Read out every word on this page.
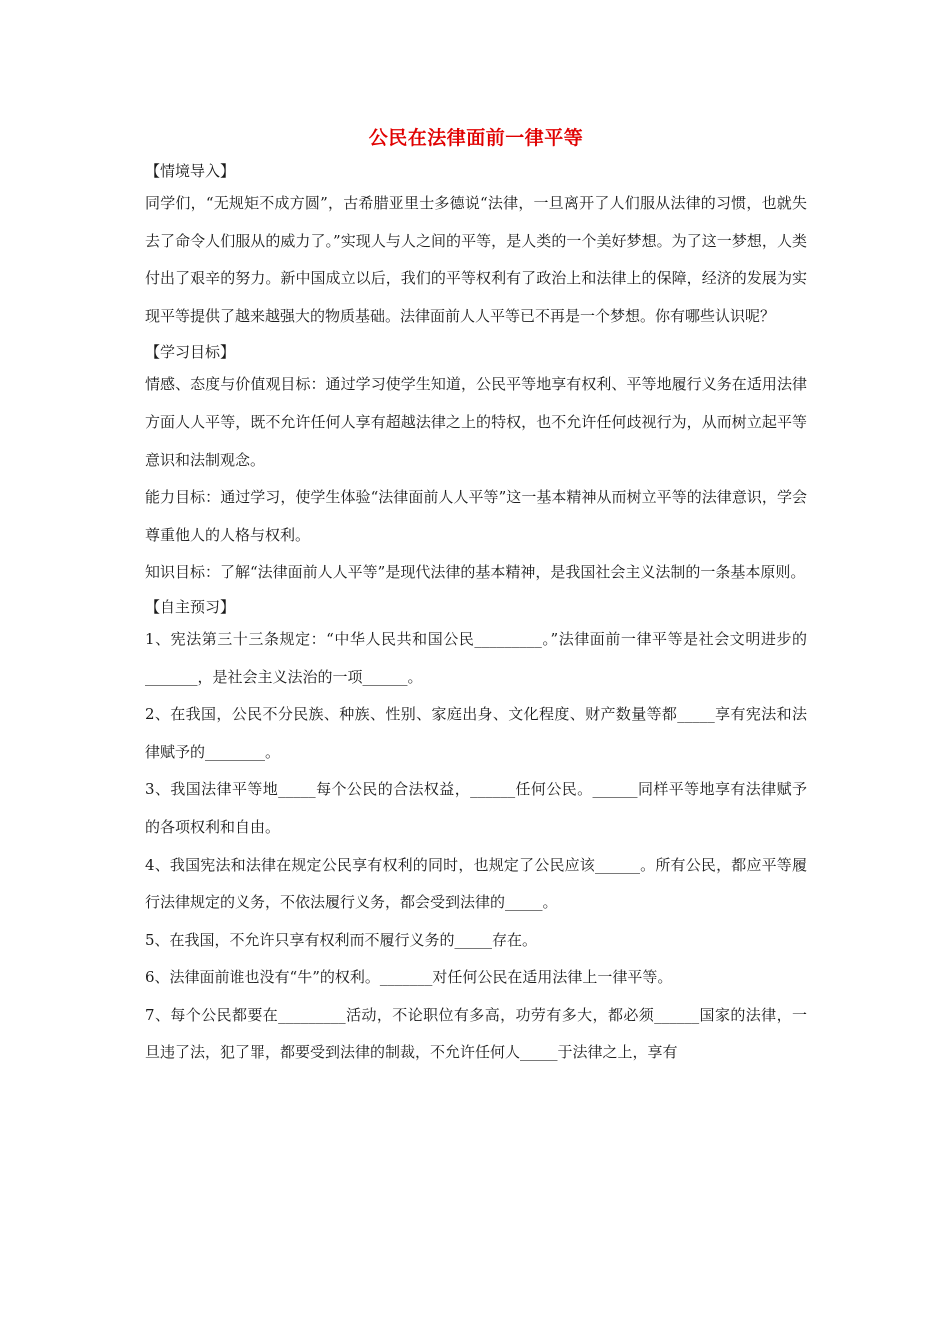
公民在法律面前一律平等

【情境导入】

同学们，“无规矩不成方圆”，古希腊亚里士多德说“法律，一旦离开了人们服从法律的习惯，也就失去了命令人们服从的威力了。”实现人与人之间的平等，是人类的一个美好梦想。为了这一梦想，人类付出了艰辛的努力。新中国成立以后，我们的平等权利有了政治上和法律上的保障，经济的发展为实现平等提供了越来越强大的物质基础。法律面前人人平等已不再是一个梦想。你有哪些认识呢？

【学习目标】

情感、态度与价值观目标：通过学习使学生知道，公民平等地享有权利、平等地履行义务在适用法律方面人人平等，既不允许任何人享有超越法律之上的特权，也不允许任何歧视行为，从而树立起平等意识和法制观念。

能力目标：通过学习，使学生体验“法律面前人人平等”这一基本精神从而树立平等的法律意识，学会尊重他人的人格与权利。

知识目标：了解“法律面前人人平等”是现代法律的基本精神，是我国社会主义法制的一条基本原则。

【自主预习】

1、宪法第三十三条规定：“中华人民共和国公民_________。”法律面前一律平等是社会文明进步的_______，是社会主义法治的一项______。

2、在我国，公民不分民族、种族、性别、家庭出身、文化程度、财产数量等都_____享有宪法和法律赋予的________。

3、我国法律平等地_____每个公民的合法权益，______任何公民。______同样平等地享有法律赋予的各项权利和自由。

4、我国宪法和法律在规定公民享有权利的同时，也规定了公民应该______。所有公民，都应平等履行法律规定的义务，不依法履行义务，都会受到法律的_____。

5、在我国，不允许只享有权利而不履行义务的_____存在。

6、法律面前谁也没有“牛”的权利。_______对任何公民在适用法律上一律平等。

7、每个公民都要在_________活动，不论职位有多高，功劳有多大，都必须______国家的法律，一旦违了法，犯了罪，都要受到法律的制裁，不允许任何人_____于法律之上，享有
